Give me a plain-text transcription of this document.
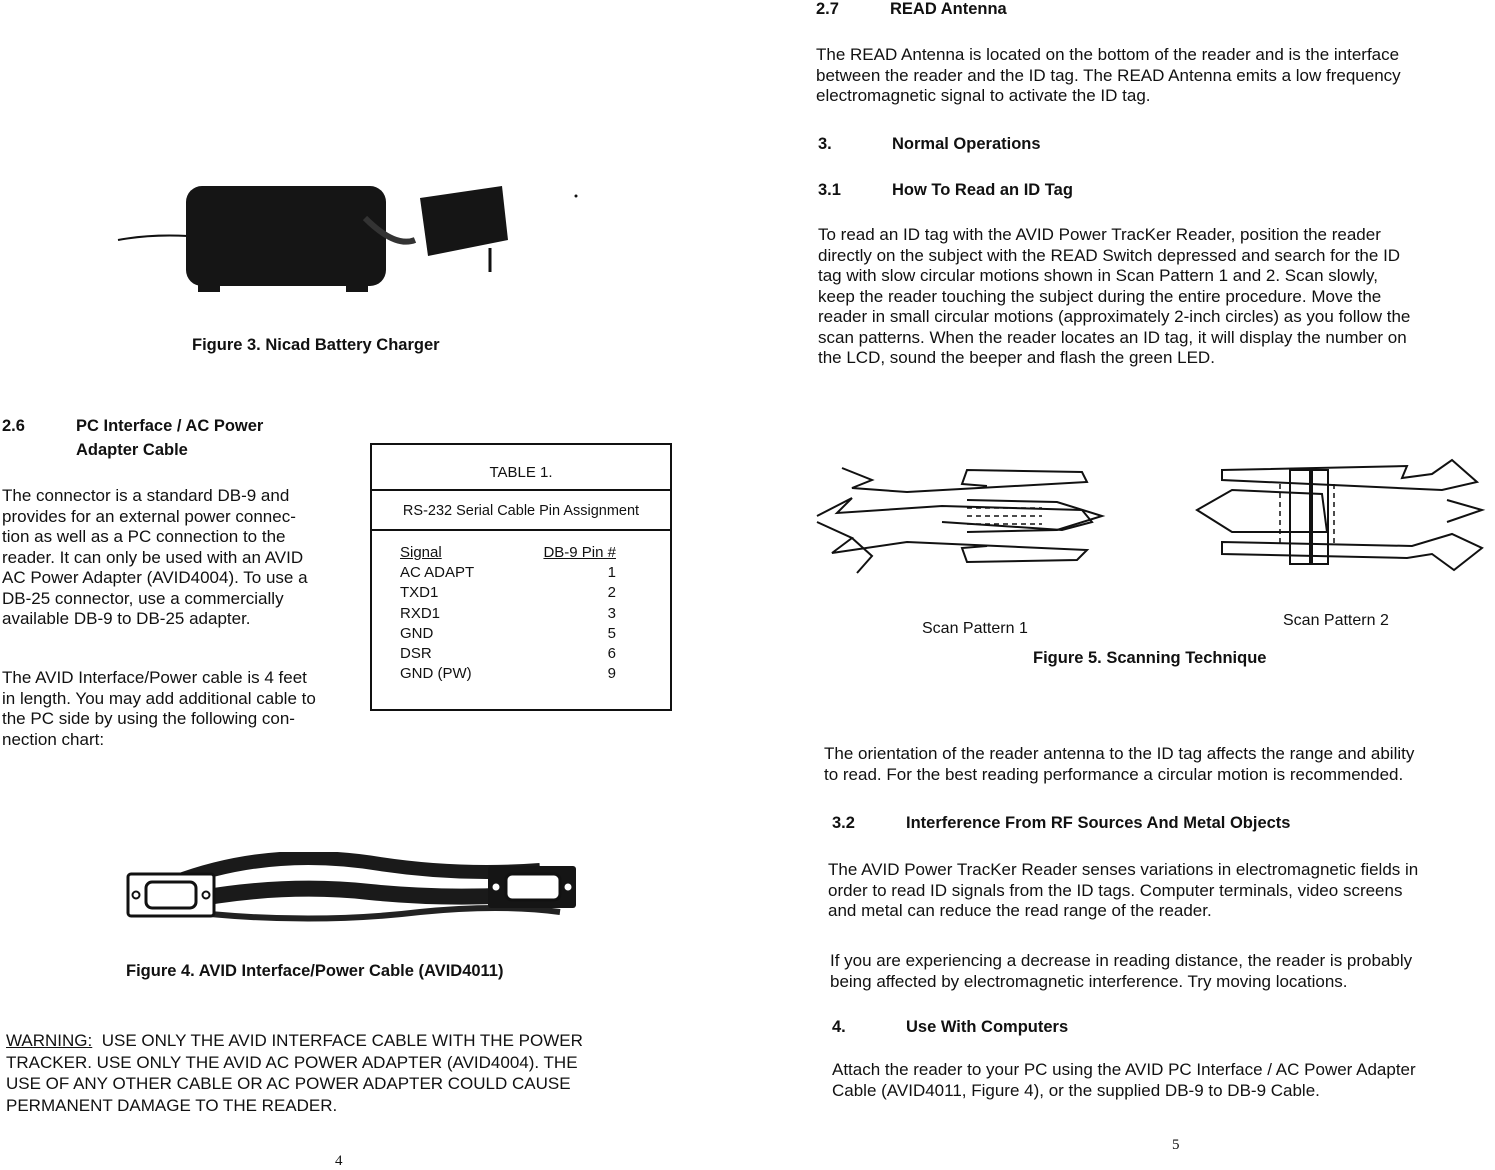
Figure 3. Nicad Battery Charger
2.6	PC Interface / AC Power
Adapter Cable
The connector is a standard DB-9 and
provides for an external power connec-
tion as well as a PC connection to the
reader. It can only be used with an AVID
AC Power Adapter (AVID4004). To use a
DB-25 connector, use a commercially
available DB-9 to DB-25 adapter.
The AVID Interface/Power cable is 4 feet
in length. You may add additional cable to
the PC side by using the following con-
nection chart:
TABLE 1.
RS-232 Serial Cable Pin Assignment
Signal	DB-9 Pin #
AC ADAPT	1
TXD1	2
RXD1	3
GND	5
DSR	6
GND (PW)	9
Figure 4. AVID Interface/Power Cable (AVID4011)
WARNING: USE ONLY THE AVID INTERFACE CABLE WITH THE POWER
TRACKER. USE ONLY THE AVID AC POWER ADAPTER (AVID4004). THE
USE OF ANY OTHER CABLE OR AC POWER ADAPTER COULD CAUSE
PERMANENT DAMAGE TO THE READER.
4
2.7	READ Antenna
The READ Antenna is located on the bottom of the reader and is the interface
between the reader and the ID tag. The READ Antenna emits a low frequency
electromagnetic signal to activate the ID tag.
3.	Normal Operations
3.1	How To Read an ID Tag
To read an ID tag with the AVID Power TracKer Reader, position the reader
directly on the subject with the READ Switch depressed and search for the ID
tag with slow circular motions shown in Scan Pattern 1 and 2. Scan slowly,
keep the reader touching the subject during the entire procedure. Move the
reader in small circular motions (approximately 2-inch circles) as you follow the
scan patterns. When the reader locates an ID tag, it will display the number on
the LCD, sound the beeper and flash the green LED.
Scan Pattern 1	Scan Pattern 2
Figure 5. Scanning Technique
The orientation of the reader antenna to the ID tag affects the range and ability
to read. For the best reading performance a circular motion is recommended.
3.2	Interference From RF Sources And Metal Objects
The AVID Power TracKer Reader senses variations in electromagnetic fields in
order to read ID signals from the ID tags. Computer terminals, video screens
and metal can reduce the read range of the reader.
If you are experiencing a decrease in reading distance, the reader is probably
being affected by electromagnetic interference. Try moving locations.
4.	Use With Computers
Attach the reader to your PC using the AVID PC Interface / AC Power Adapter
Cable (AVID4011, Figure 4), or the supplied DB-9 to DB-9 Cable.
5
